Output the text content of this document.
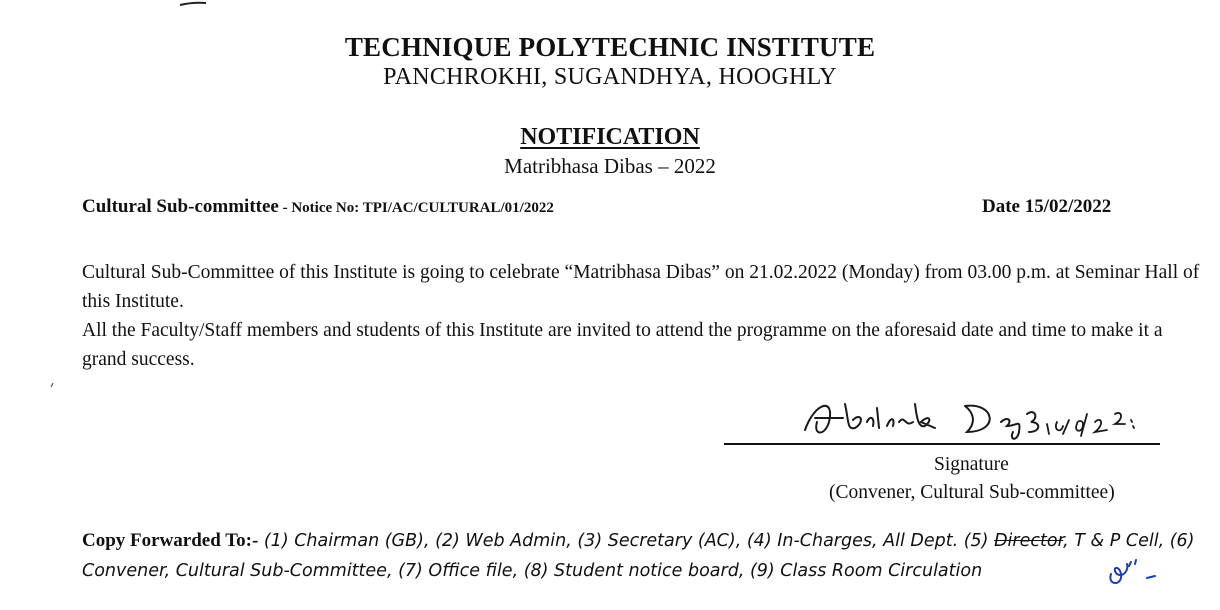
TECHNIQUE POLYTECHNIC INSTITUTE
PANCHROKHI, SUGANDHYA, HOOGHLY
NOTIFICATION
Matribhasa Dibas – 2022
Cultural Sub-committee - Notice No: TPI/AC/CULTURAL/01/2022	Date 15/02/2022

Cultural Sub-Committee of this Institute is going to celebrate “Matribhasa Dibas” on 21.02.2022 (Monday) from 03.00 p.m. at Seminar Hall of this Institute.

All the Faculty/Staff members and students of this Institute are invited to attend the programme on the aforesaid date and time to make it a grand success.

Signature
(Convener, Cultural Sub-committee)
Copy Forwarded To:- (1) Chairman (GB), (2) Web Admin, (3) Secretary (AC), (4) In-Charges, All Dept. (5) Director, T & P Cell, (6) Convener, Cultural Sub-Committee, (7) Office file, (8) Student notice board, (9) Class Room Circulation
